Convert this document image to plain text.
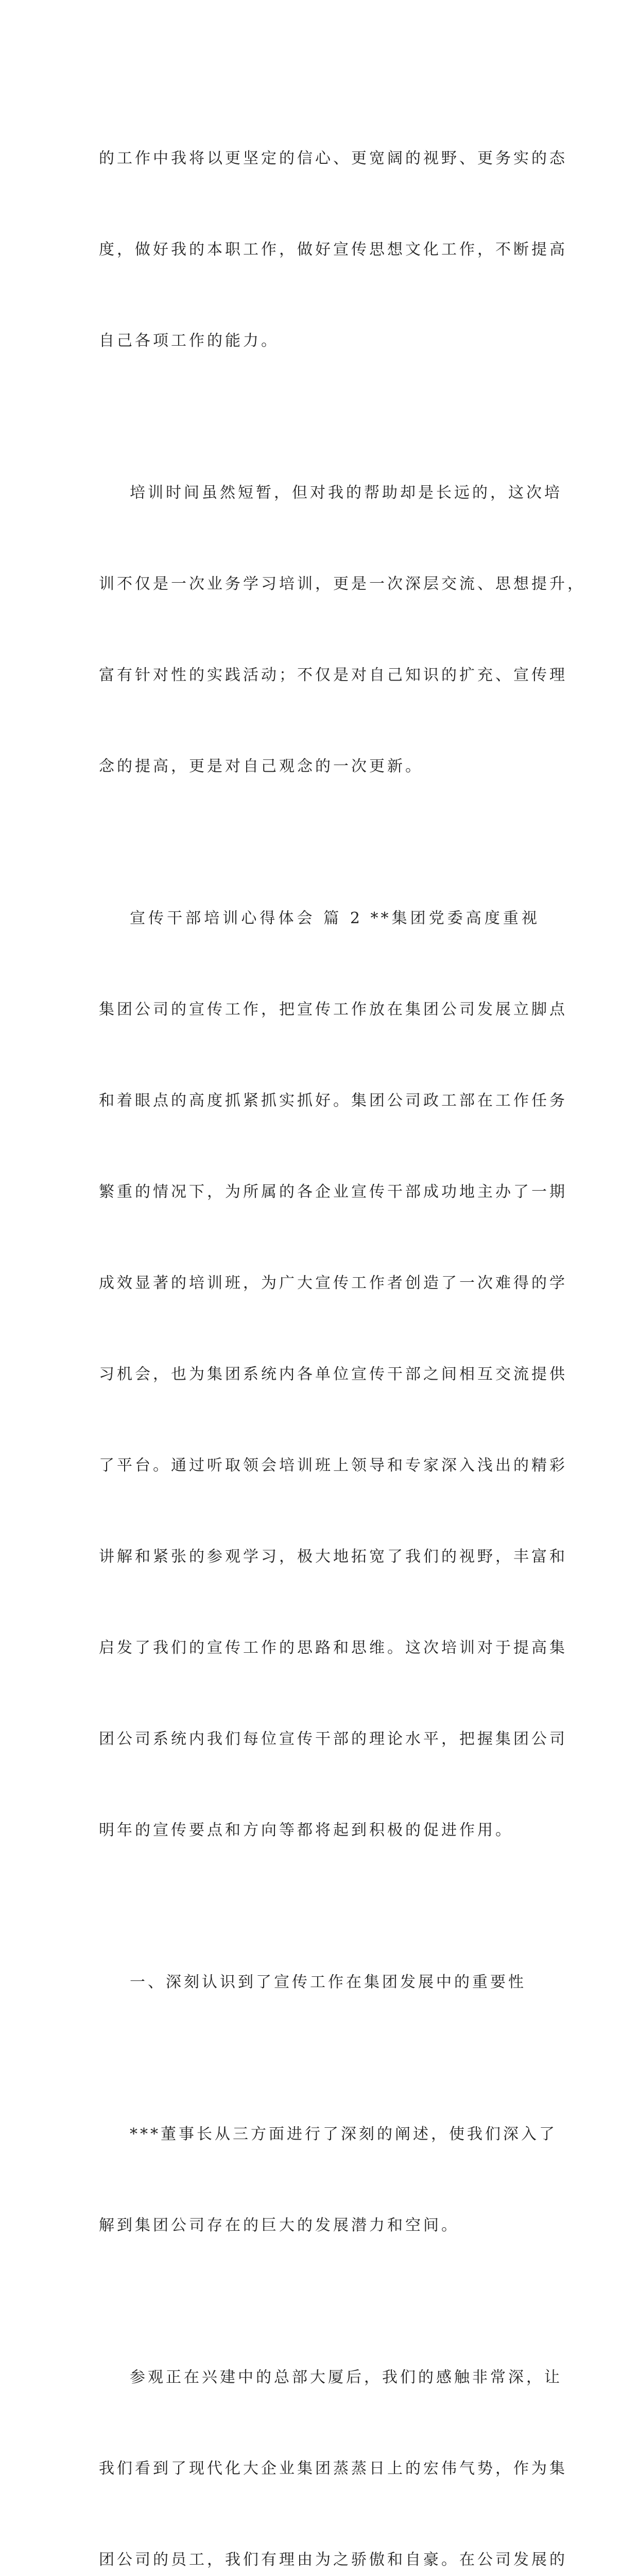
的工作中我将以更坚定的信心、更宽阔的视野、更务实的态

度，做好我的本职工作，做好宣传思想文化工作，不断提高

自己各项工作的能力。

培训时间虽然短暂，但对我的帮助却是长远的，这次培

训不仅是一次业务学习培训，更是一次深层交流、思想提升，

富有针对性的实践活动；不仅是对自己知识的扩充、宣传理

念的提高，更是对自己观念的一次更新。

宣传干部培训心得体会 篇 2 **集团党委高度重视

集团公司的宣传工作，把宣传工作放在集团公司发展立脚点

和着眼点的高度抓紧抓实抓好。集团公司政工部在工作任务

繁重的情况下，为所属的各企业宣传干部成功地主办了一期

成效显著的培训班，为广大宣传工作者创造了一次难得的学

习机会，也为集团系统内各单位宣传干部之间相互交流提供

了平台。通过听取领会培训班上领导和专家深入浅出的精彩

讲解和紧张的参观学习，极大地拓宽了我们的视野，丰富和

启发了我们的宣传工作的思路和思维。这次培训对于提高集

团公司系统内我们每位宣传干部的理论水平，把握集团公司

明年的宣传要点和方向等都将起到积极的促进作用。

一、深刻认识到了宣传工作在集团发展中的重要性

***董事长从三方面进行了深刻的阐述，使我们深入了

解到集团公司存在的巨大的发展潜力和空间。

参观正在兴建中的总部大厦后，我们的感触非常深，让

我们看到了现代化大企业集团蒸蒸日上的宏伟气势，作为集

团公司的员工，我们有理由为之骄傲和自豪。在公司发展的
